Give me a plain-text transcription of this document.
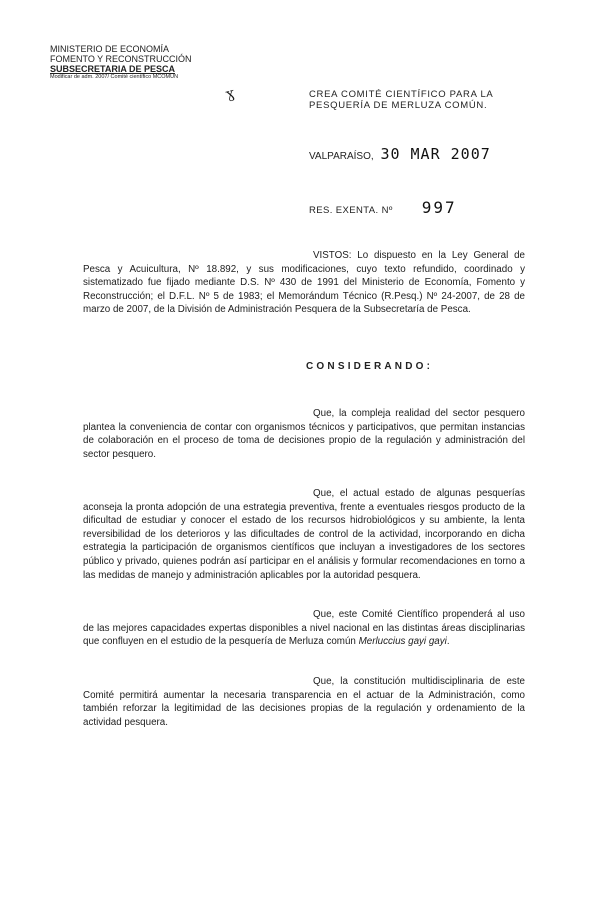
MINISTERIO DE ECONOMÍA
FOMENTO Y RECONSTRUCCIÓN
SUBSECRETARIA DE PESCA
Modificar de adm. 2007/ Comité científico MCOMUN
ɣ	CREA COMITÉ CIENTÍFICO PARA LA
PESQUERÍA DE MERLUZA COMÚN.
VALPARAÍSO, 30 MAR 2007
RES. EXENTA. Nº 997
VISTOS: Lo dispuesto en la Ley General de Pesca y Acuicultura, Nº 18.892, y sus modificaciones, cuyo texto refundido, coordinado y sistematizado fue fijado mediante D.S. Nº 430 de 1991 del Ministerio de Economía, Fomento y Reconstrucción; el D.F.L. Nº 5 de 1983; el Memorándum Técnico (R.Pesq.) Nº 24-2007, de 28 de marzo de 2007, de la División de Administración Pesquera de la Subsecretaría de Pesca.
CONSIDERANDO:
Que, la compleja realidad del sector pesquero plantea la conveniencia de contar con organismos técnicos y participativos, que permitan instancias de colaboración en el proceso de toma de decisiones propio de la regulación y administración del sector pesquero.
Que, el actual estado de algunas pesquerías aconseja la pronta adopción de una estrategia preventiva, frente a eventuales riesgos producto de la dificultad de estudiar y conocer el estado de los recursos hidrobiológicos y su ambiente, la lenta reversibilidad de los deterioros y las dificultades de control de la actividad, incorporando en dicha estrategia la participación de organismos científicos que incluyan a investigadores de los sectores público y privado, quienes podrán así participar en el análisis y formular recomendaciones en torno a las medidas de manejo y administración aplicables por la autoridad pesquera.
Que, este Comité Científico propenderá al uso de las mejores capacidades expertas disponibles a nivel nacional en las distintas áreas disciplinarias que confluyen en el estudio de la pesquería de Merluza común Merluccius gayi gayi.
Que, la constitución multidisciplinaria de este Comité permitirá aumentar la necesaria transparencia en el actuar de la Administración, como también reforzar la legitimidad de las decisiones propias de la regulación y ordenamiento de la actividad pesquera.
